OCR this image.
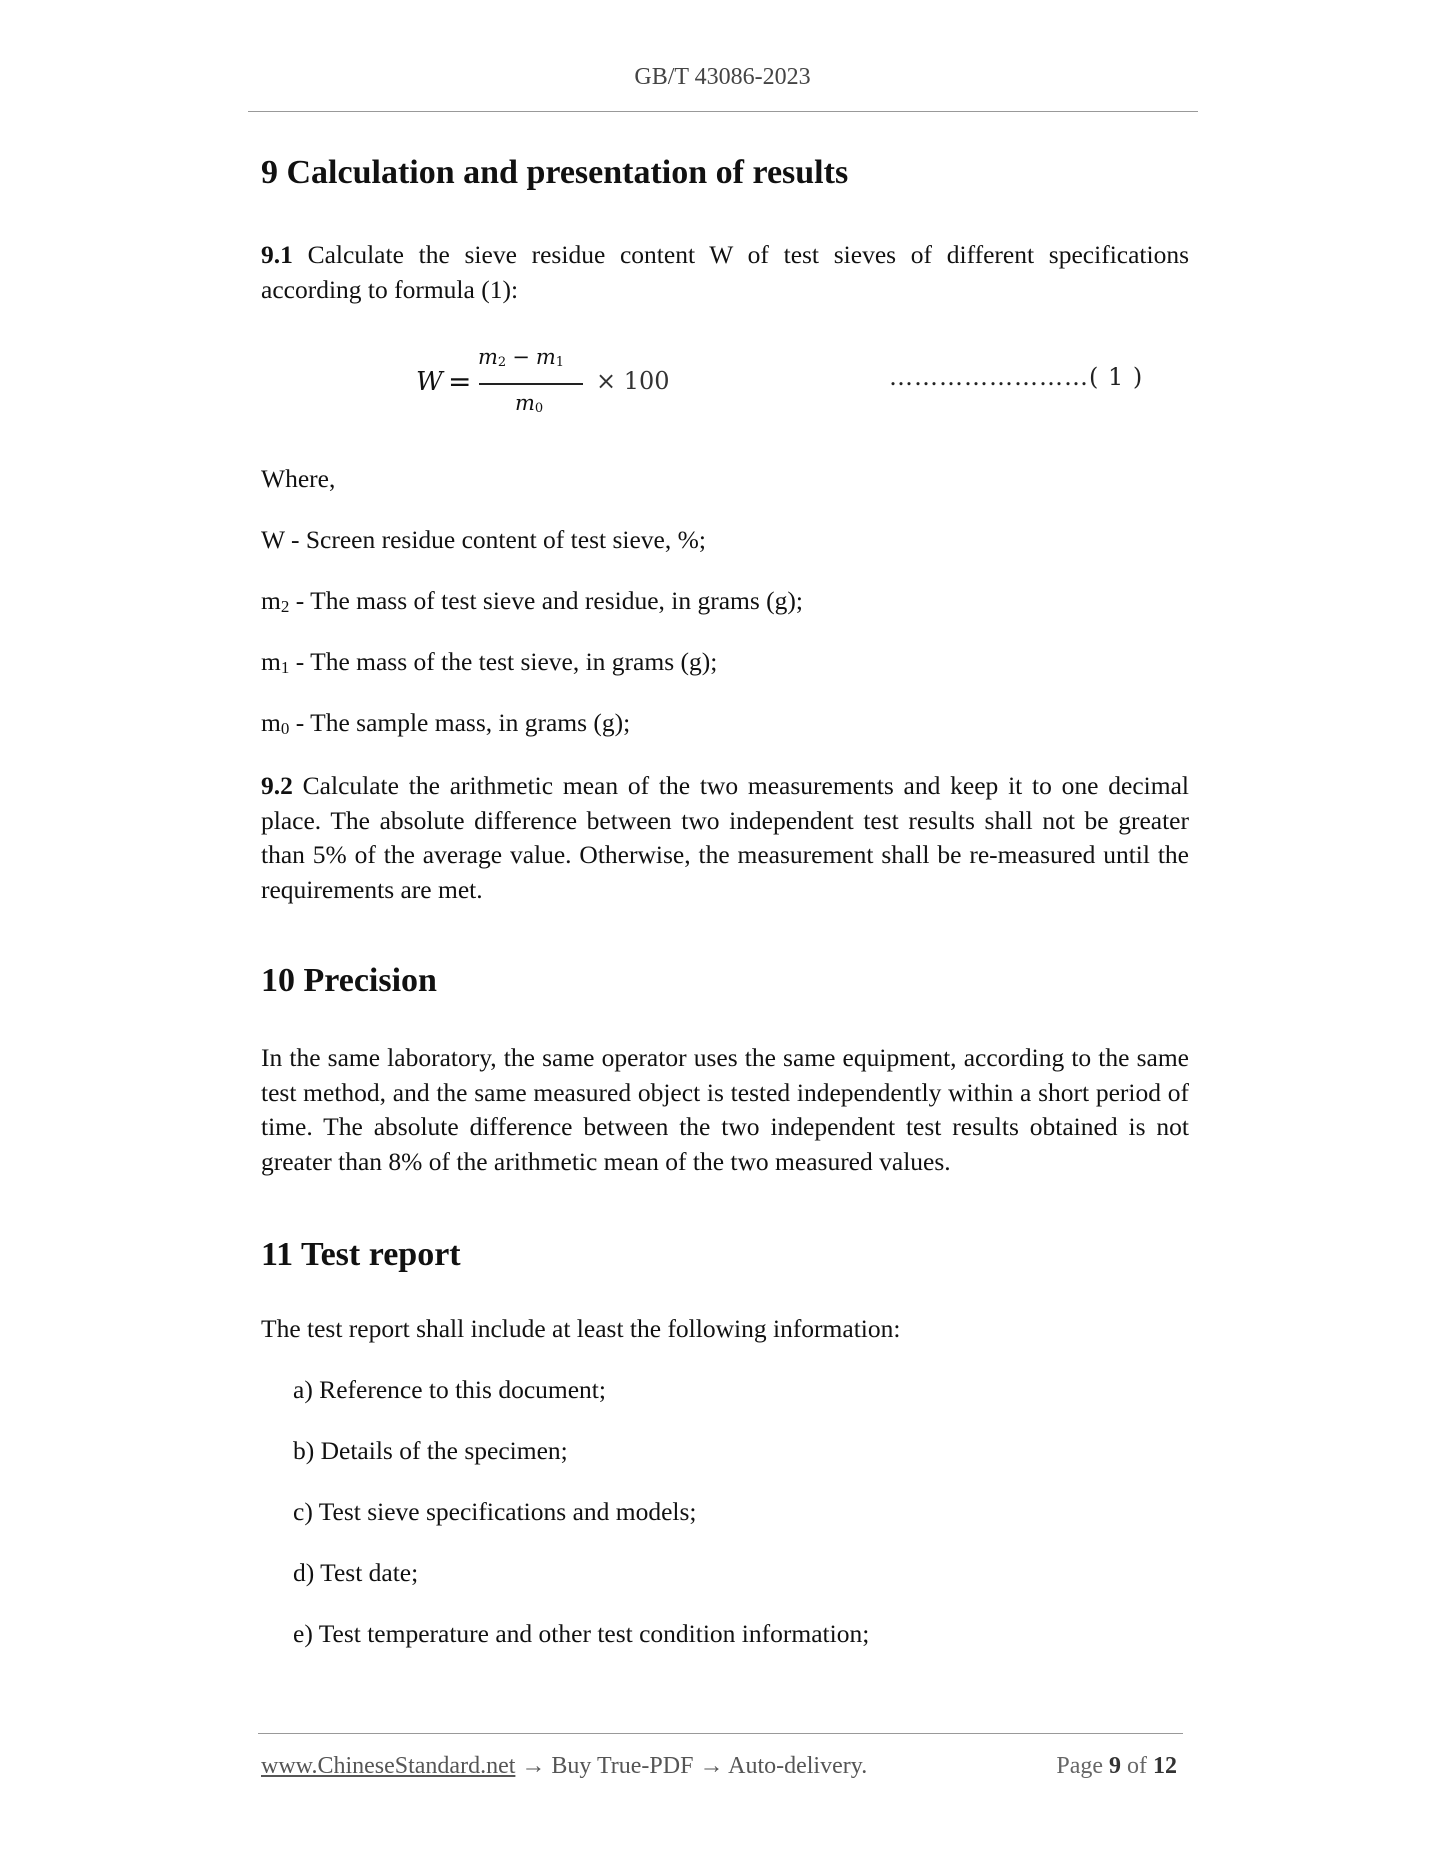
GB/T 43086-2023
9 Calculation and presentation of results

9.1 Calculate the sieve residue content W of test sieves of different specifications according to formula (1):

W =
m2 − m1
m0
× 100	……………………( 1 )
Where,
W - Screen residue content of test sieve, %;
$m_2$ - The mass of test sieve and residue, in grams (g);
$m_1$ - The mass of the test sieve, in grams (g);
$m_0$ - The sample mass, in grams (g);

9.2 Calculate the arithmetic mean of the two measurements and keep it to one decimal place. The absolute difference between two independent test results shall not be greater than 5% of the average value. Otherwise, the measurement shall be re-measured until the requirements are met.

10 Precision

In the same laboratory, the same operator uses the same equipment, according to the same test method, and the same measured object is tested independently within a short period of time. The absolute difference between the two independent test results obtained is not greater than 8% of the arithmetic mean of the two measured values.

11 Test report
The test report shall include at least the following information:
a) Reference to this document;
b) Details of the specimen;
c) Test sieve specifications and models;
d) Test date;
e) Test temperature and other test condition information;
www.ChineseStandard.net → Buy True-PDF → Auto-delivery.	Page 9 of 12
